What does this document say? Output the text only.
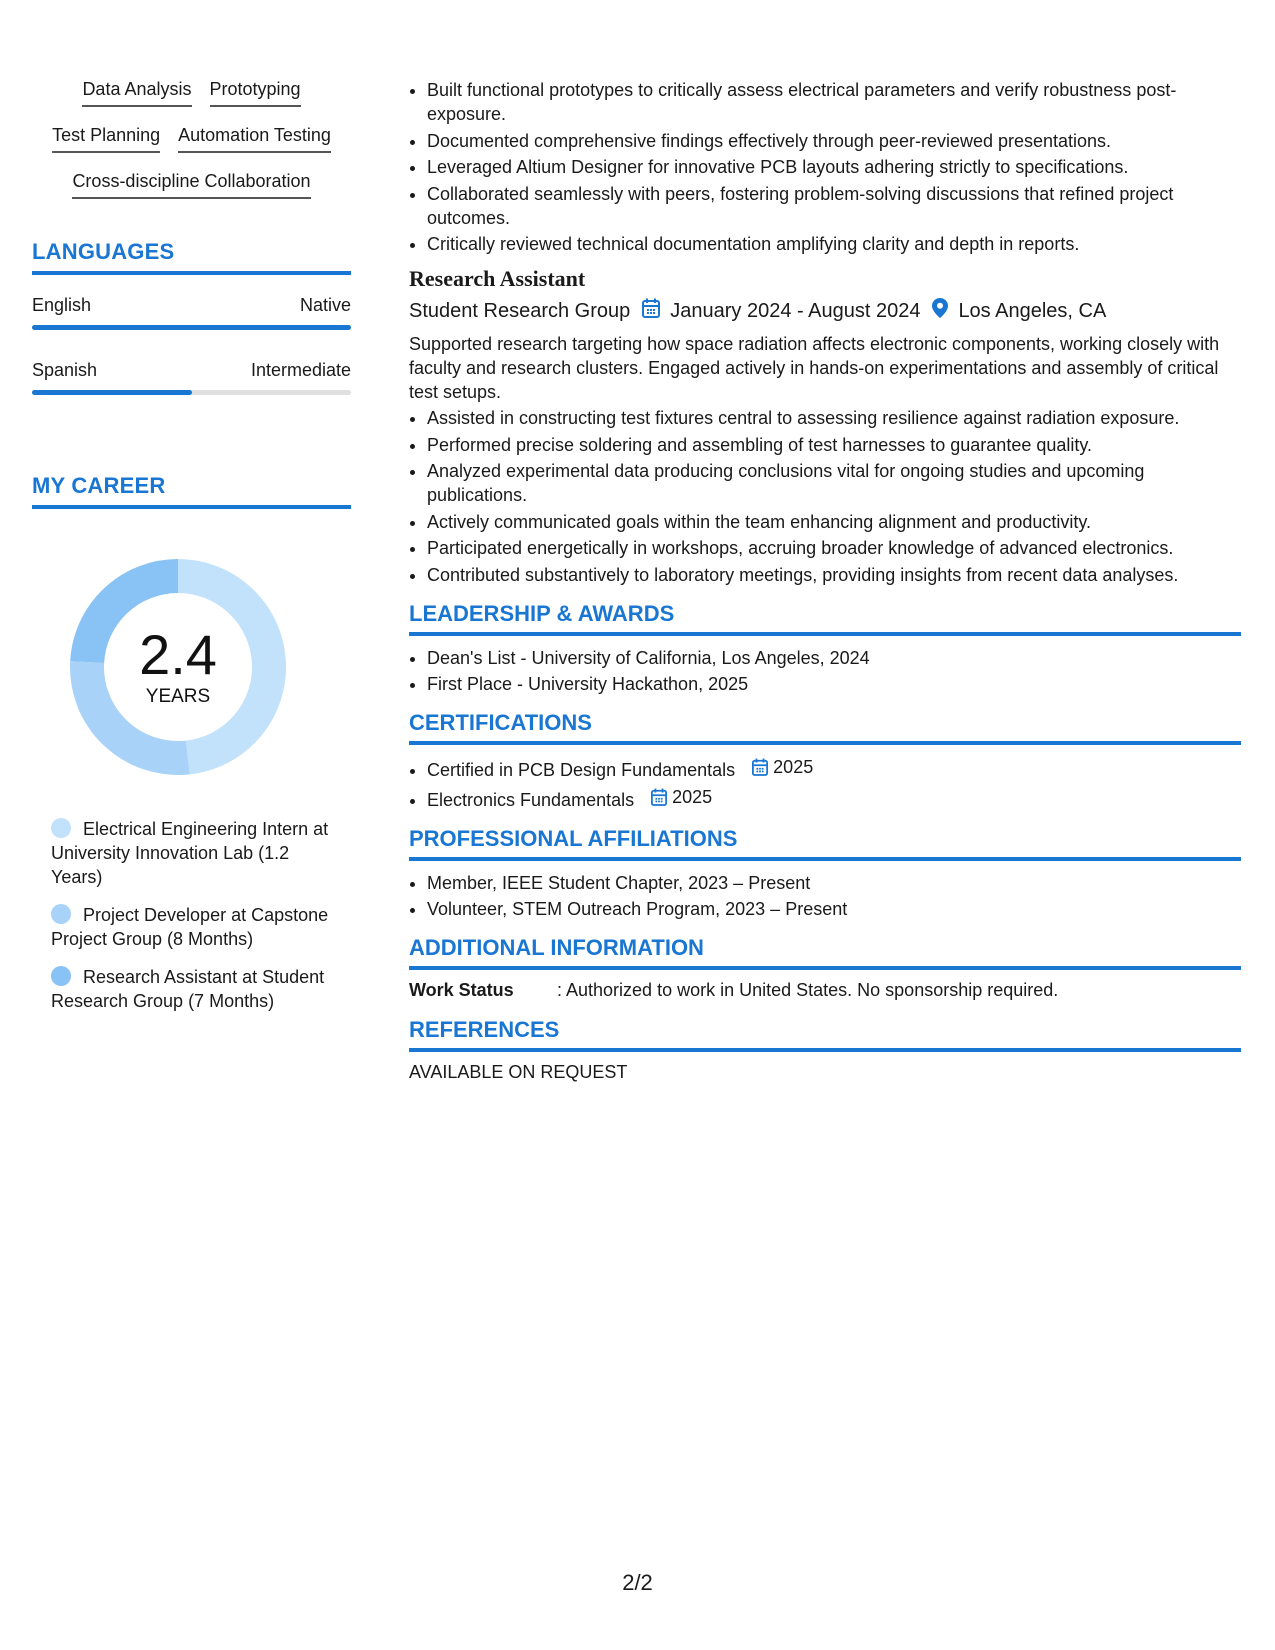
Data Analysis Prototyping
Test Planning Automation Testing
Cross-discipline Collaboration
LANGUAGES
English	Native
Spanish	Intermediate
MY CAREER
2.4
YEARS
Electrical Engineering Intern at University Innovation Lab (1.2 Years)
Project Developer at Capstone Project Group (8 Months)
Research Assistant at Student Research Group (7 Months)
• Built functional prototypes to critically assess electrical parameters and verify robustness post-exposure.
• Documented comprehensive findings effectively through peer-reviewed presentations.
• Leveraged Altium Designer for innovative PCB layouts adhering strictly to specifications.
• Collaborated seamlessly with peers, fostering problem-solving discussions that refined project outcomes.
• Critically reviewed technical documentation amplifying clarity and depth in reports.
Research Assistant
Student Research Group January 2024 - August 2024 Los Angeles, CA
Supported research targeting how space radiation affects electronic components, working closely with faculty and research clusters. Engaged actively in hands-on experimentations and assembly of critical test setups.
• Assisted in constructing test fixtures central to assessing resilience against radiation exposure.
• Performed precise soldering and assembling of test harnesses to guarantee quality.
• Analyzed experimental data producing conclusions vital for ongoing studies and upcoming publications.
• Actively communicated goals within the team enhancing alignment and productivity.
• Participated energetically in workshops, accruing broader knowledge of advanced electronics.
• Contributed substantively to laboratory meetings, providing insights from recent data analyses.
LEADERSHIP & AWARDS
• Dean's List - University of California, Los Angeles, 2024
• First Place - University Hackathon, 2025
CERTIFICATIONS
• Certified in PCB Design Fundamentals 2025
• Electronics Fundamentals 2025
PROFESSIONAL AFFILIATIONS
• Member, IEEE Student Chapter, 2023 – Present
• Volunteer, STEM Outreach Program, 2023 – Present
ADDITIONAL INFORMATION
Work Status	: Authorized to work in United States. No sponsorship required.
REFERENCES
AVAILABLE ON REQUEST
2/2
